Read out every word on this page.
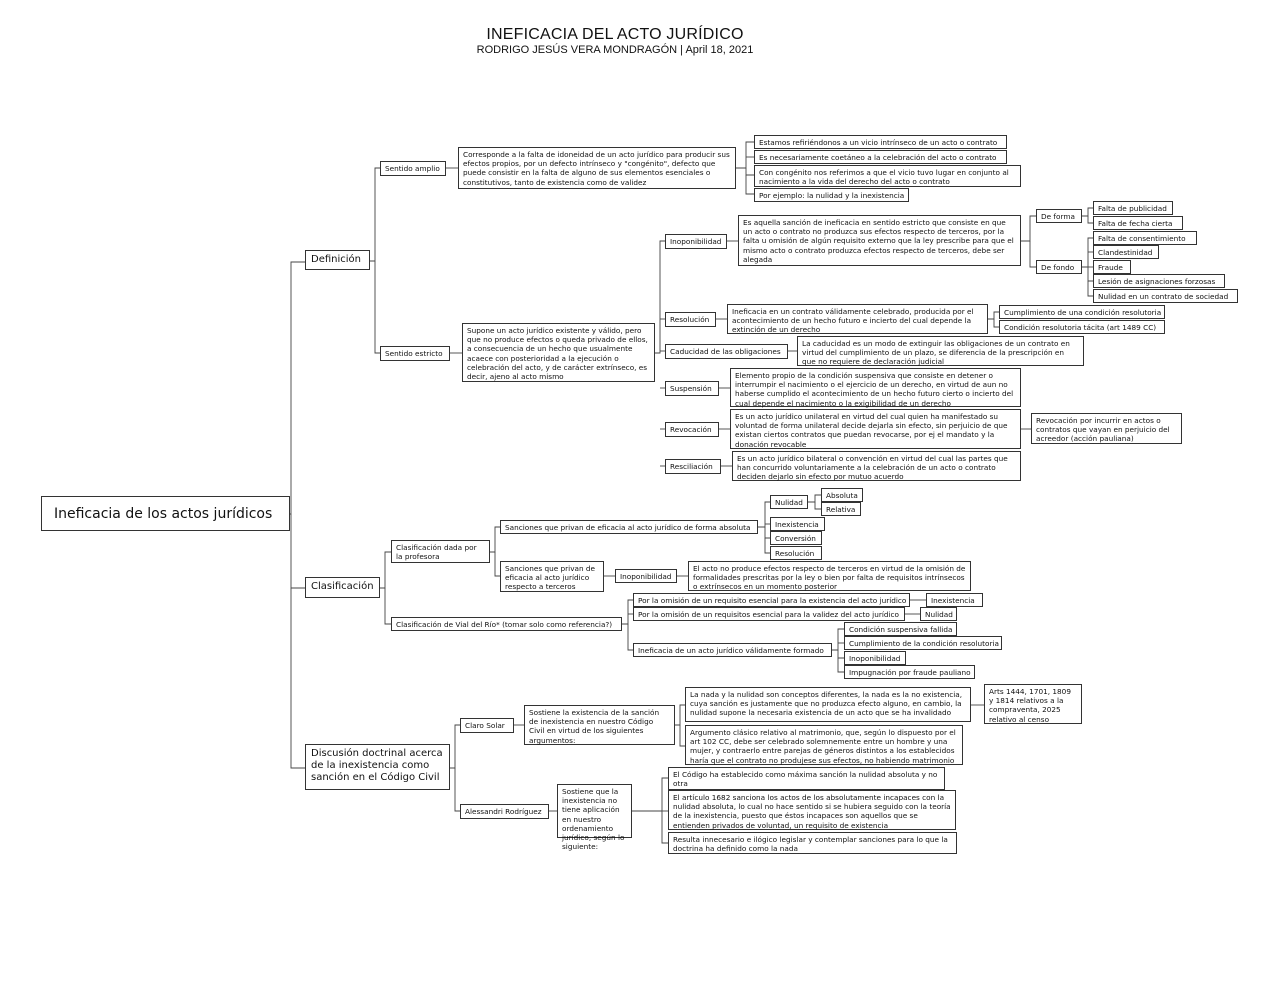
INEFICACIA DEL ACTO JURÍDICO
RODRIGO JESÚS VERA MONDRAGÓN | April 18, 2021
Ineficacia de los actos jurídicos
Definición
Clasificación
Discusión doctrinal acerca de la inexistencia como sanción en el Código Civil
Sentido amplio
Corresponde a la falta de idoneidad de un acto jurídico para producir sus efectos propios, por un defecto intrínseco y "congénito", defecto que puede consistir en la falta de alguno de sus elementos esenciales o constitutivos, tanto de existencia como de validez
Estamos refiriéndonos a un vicio intrínseco de un acto o contrato
Es necesariamente coetáneo a la celebración del acto o contrato
Con congénito nos referimos a que el vicio tuvo lugar en conjunto al nacimiento a la vida del derecho del acto o contrato
Por ejemplo: la nulidad y la inexistencia
Sentido estricto
Supone un acto jurídico existente y válido, pero que no produce efectos o queda privado de ellos, a consecuencia de un hecho que usualmente acaece con posterioridad a la ejecución o celebración del acto, y de carácter extrínseco, es decir, ajeno al acto mismo
Inoponibilidad
Es aquella sanción de ineficacia en sentido estricto que consiste en que un acto o contrato no produzca sus efectos respecto de terceros, por la falta u omisión de algún requisito externo que la ley prescribe para que el mismo acto o contrato produzca efectos respecto de terceros, debe ser alegada
De forma
Falta de publicidad
Falta de fecha cierta
De fondo
Falta de consentimiento
Clandestinidad
Fraude
Lesión de asignaciones forzosas
Nulidad en un contrato de sociedad
Resolución
Ineficacia en un contrato válidamente celebrado, producida por el acontecimiento de un hecho futuro e incierto del cual depende la extinción de un derecho
Cumplimiento de una condición resolutoria
Condición resolutoria tácita (art 1489 CC)
Caducidad de las obligaciones
La caducidad es un modo de extinguir las obligaciones de un contrato en virtud del cumplimiento de un plazo, se diferencia de la prescripción en que no requiere de declaración judicial
Suspensión
Elemento propio de la condición suspensiva que consiste en detener o interrumpir el nacimiento o el ejercicio de un derecho, en virtud de aun no haberse cumplido el acontecimiento de un hecho futuro cierto o incierto del cual depende el nacimiento o la exigibilidad de un derecho
Revocación
Es un acto jurídico unilateral en virtud del cual quien ha manifestado su voluntad de forma unilateral decide dejarla sin efecto, sin perjuicio de que existan ciertos contratos que puedan revocarse, por ej el mandato y la donación revocable
Revocación por incurrir en actos o contratos que vayan en perjuicio del acreedor (acción pauliana)
Resciliación
Es un acto jurídico bilateral o convención en virtud del cual las partes que han concurrido voluntariamente a la celebración de un acto o contrato deciden dejarlo sin efecto por mutuo acuerdo
Clasificación dada por la profesora
Sanciones que privan de eficacia al acto jurídico de forma absoluta
Nulidad
Absoluta
Relativa
Inexistencia
Conversión
Resolución
Sanciones que privan de eficacia al acto jurídico respecto a terceros
Inoponibilidad
El acto no produce efectos respecto de terceros en virtud de la omisión de formalidades prescritas por la ley o bien por falta de requisitos intrínsecos o extrínsecos en un momento posterior
Clasificación de Vial del Río* (tomar solo como referencia?)
Por la omisión de un requisito esencial para la existencia del acto jurídico	Inexistencia
Por la omisión de un requisitos esencial para la validez del acto jurídico	Nulidad
Ineficacia de un acto jurídico válidamente formado
Condición suspensiva fallida
Cumplimiento de la condición resolutoria
Inoponibilidad
Impugnación por fraude pauliano
Claro Solar
Sostiene la existencia de la sanción de inexistencia en nuestro Código Civil en virtud de los siguientes argumentos:
La nada y la nulidad son conceptos diferentes, la nada es la no existencia, cuya sanción es justamente que no produzca efecto alguno, en cambio, la nulidad supone la necesaria existencia de un acto que se ha invalidado
Argumento clásico relativo al matrimonio, que, según lo dispuesto por el art 102 CC, debe ser celebrado solemnemente entre un hombre y una mujer, y contraerlo entre parejas de géneros distintos a los establecidos haría que el contrato no produjese sus efectos, no habiendo matrimonio
Arts 1444, 1701, 1809 y 1814 relativos a la compraventa, 2025 relativo al censo
Alessandri Rodríguez
Sostiene que la inexistencia no tiene aplicación en nuestro ordenamiento jurídico, según lo siguiente:
El Código ha establecido como máxima sanción la nulidad absoluta y no otra
El artículo 1682 sanciona los actos de los absolutamente incapaces con la nulidad absoluta, lo cual no hace sentido si se hubiera seguido con la teoría de la inexistencia, puesto que éstos incapaces son aquellos que se entienden privados de voluntad, un requisito de existencia
Resulta innecesario e ilógico legislar y contemplar sanciones para lo que la doctrina ha definido como la nada
